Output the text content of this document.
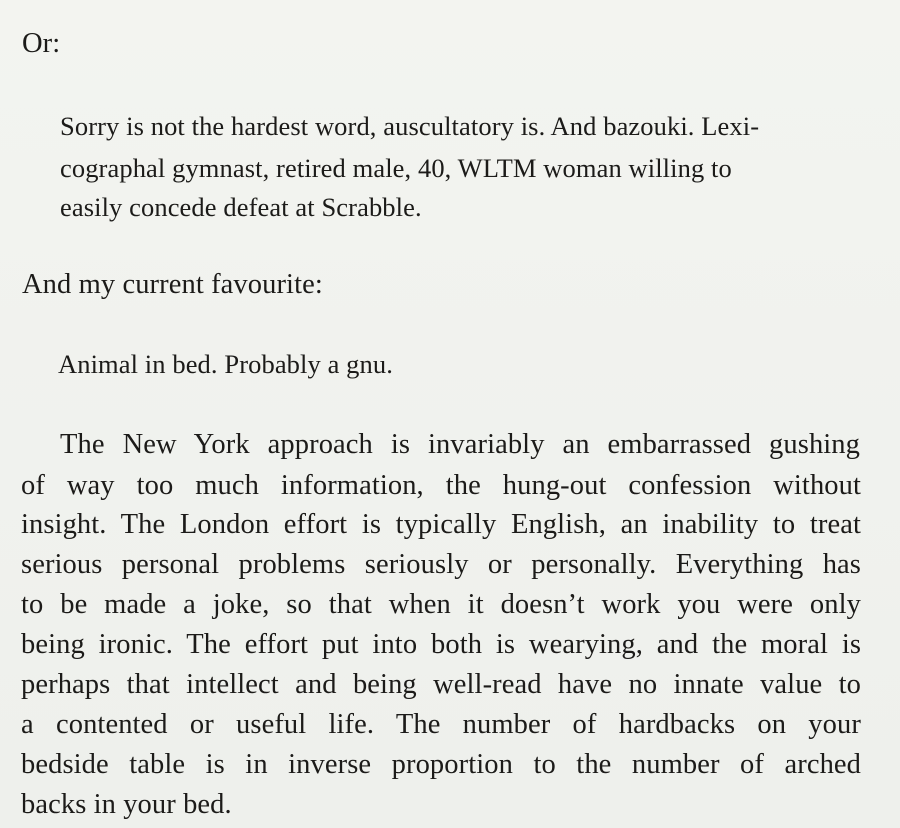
Or:
Sorry is not the hardest word, auscultatory is. And bazouki. Lexi-
cographal gymnast, retired male, 40, WLTM woman willing to
easily concede defeat at Scrabble.
And my current favourite:
Animal in bed. Probably a gnu.
The New York approach is invariably an embarrassed gushing
of way too much information, the hung-out confession without
insight. The London effort is typically English, an inability to treat
serious personal problems seriously or personally. Everything has
to be made a joke, so that when it doesn’t work you were only
being ironic. The effort put into both is wearying, and the moral is
perhaps that intellect and being well-read have no innate value to
a contented or useful life. The number of hardbacks on your
bedside table is in inverse proportion to the number of arched
backs in your bed.
